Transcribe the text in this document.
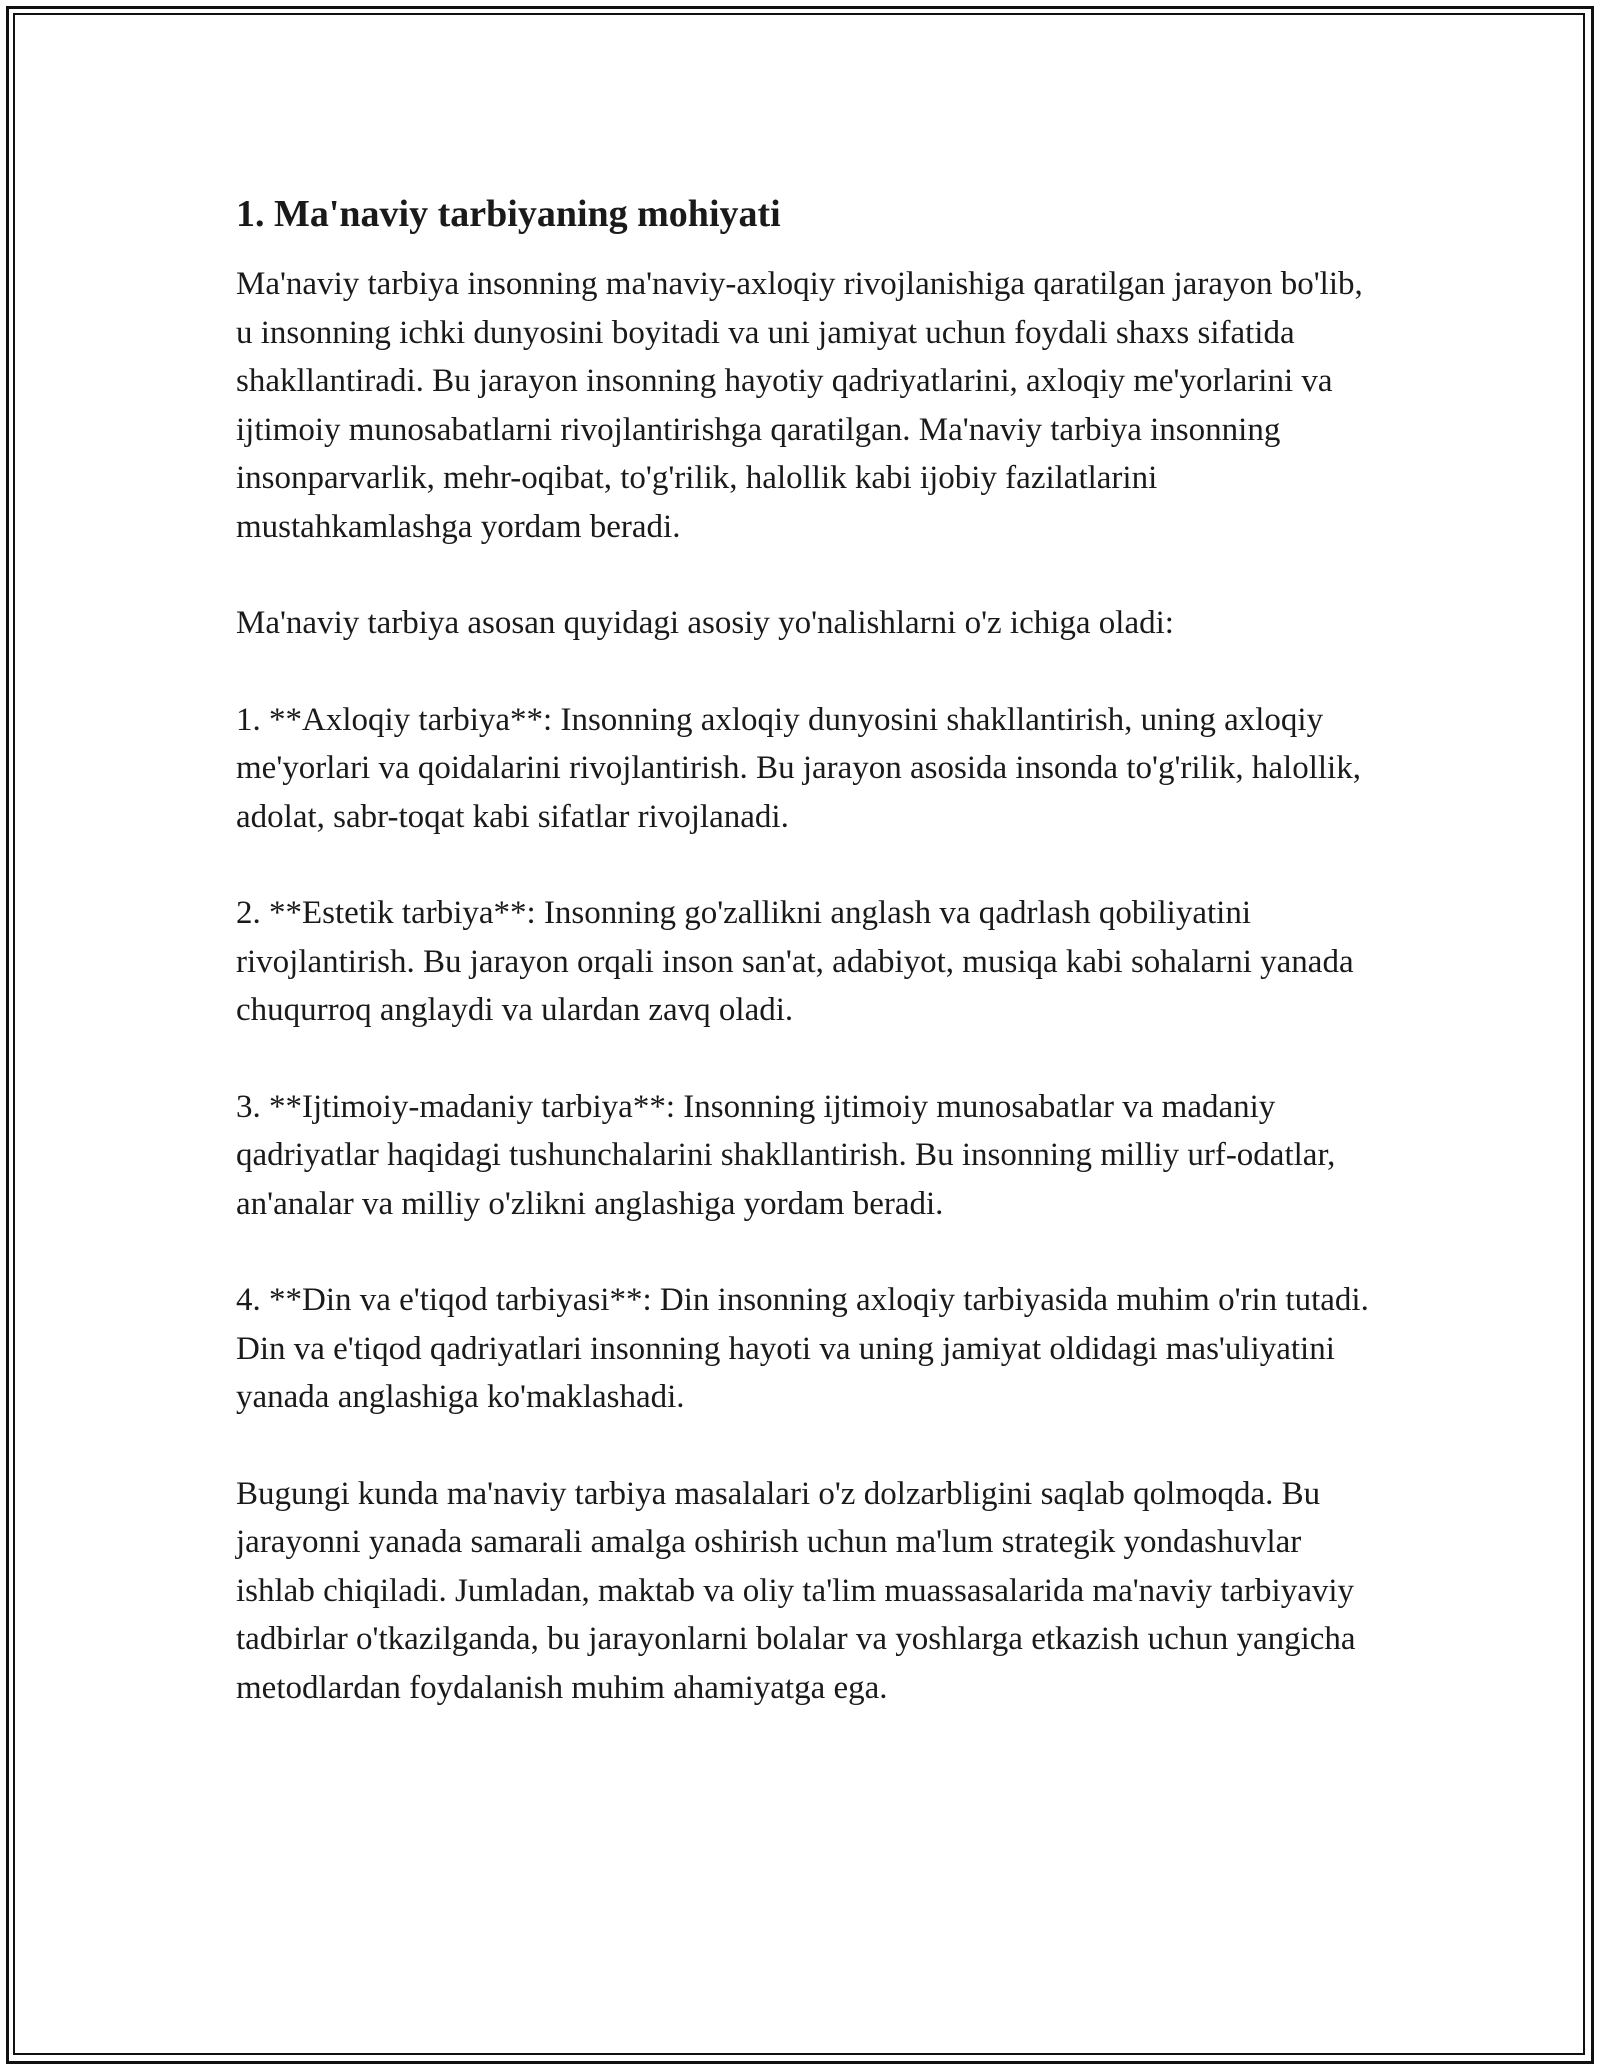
1. Ma'naviy tarbiyaning mohiyati

Ma'naviy tarbiya insonning ma'naviy-axloqiy rivojlanishiga qaratilgan jarayon bo'lib, u insonning ichki dunyosini boyitadi va uni jamiyat uchun foydali shaxs sifatida shakllantiradi. Bu jarayon insonning hayotiy qadriyatlarini, axloqiy me'yorlarini va ijtimoiy munosabatlarni rivojlantirishga qaratilgan. Ma'naviy tarbiya insonning insonparvarlik, mehr-oqibat, to'g'rilik, halollik kabi ijobiy fazilatlarini mustahkamlashga yordam beradi.

Ma'naviy tarbiya asosan quyidagi asosiy yo'nalishlarni o'z ichiga oladi:

1. **Axloqiy tarbiya**: Insonning axloqiy dunyosini shakllantirish, uning axloqiy me'yorlari va qoidalarini rivojlantirish. Bu jarayon asosida insonda to'g'rilik, halollik, adolat, sabr-toqat kabi sifatlar rivojlanadi.

2. **Estetik tarbiya**: Insonning go'zallikni anglash va qadrlash qobiliyatini rivojlantirish. Bu jarayon orqali inson san'at, adabiyot, musiqa kabi sohalarni yanada chuqurroq anglaydi va ulardan zavq oladi.

3. **Ijtimoiy-madaniy tarbiya**: Insonning ijtimoiy munosabatlar va madaniy qadriyatlar haqidagi tushunchalarini shakllantirish. Bu insonning milliy urf-odatlar, an'analar va milliy o'zlikni anglashiga yordam beradi.

4. **Din va e'tiqod tarbiyasi**: Din insonning axloqiy tarbiyasida muhim o'rin tutadi. Din va e'tiqod qadriyatlari insonning hayoti va uning jamiyat oldidagi mas'uliyatini yanada anglashiga ko'maklashadi.

Bugungi kunda ma'naviy tarbiya masalalari o'z dolzarbligini saqlab qolmoqda. Bu jarayonni yanada samarali amalga oshirish uchun ma'lum strategik yondashuvlar ishlab chiqiladi. Jumladan, maktab va oliy ta'lim muassasalarida ma'naviy tarbiyaviy tadbirlar o'tkazilganda, bu jarayonlarni bolalar va yoshlarga etkazish uchun yangicha metodlardan foydalanish muhim ahamiyatga ega.
